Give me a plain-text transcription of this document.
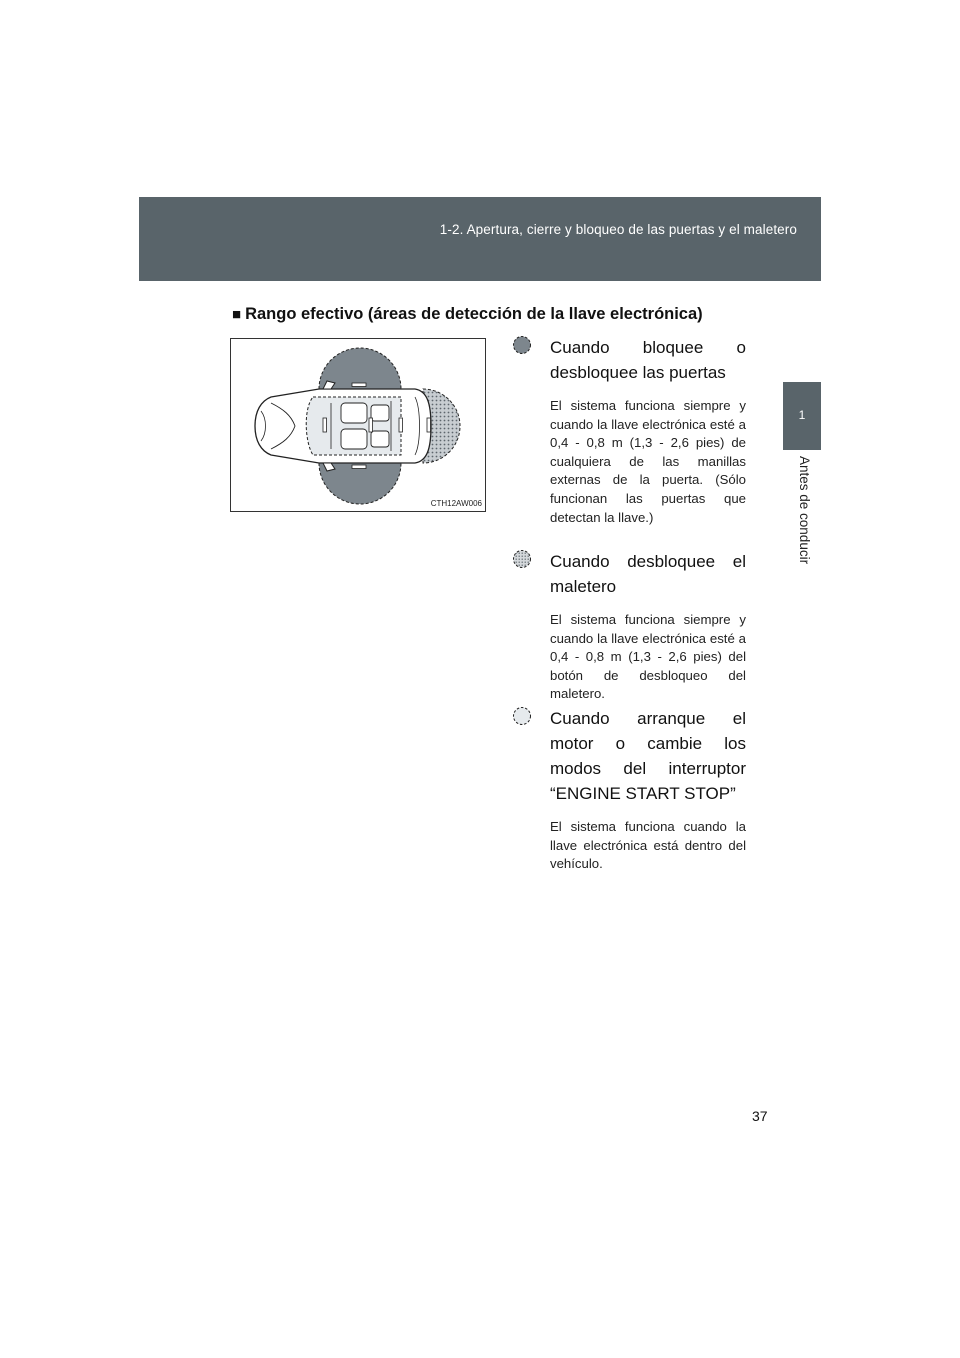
1-2. Apertura, cierre y bloqueo de las puertas y el maletero
1
Antes de conducir
■ Rango efectivo (áreas de detección de la llave electrónica)
CTH12AW006
Cuando bloquee o desbloquee las puertas
El sistema funciona siempre y cuando la llave electrónica esté a 0,4 - 0,8 m (1,3 - 2,6 pies) de cualquiera de las manillas externas de la puerta. (Sólo funcionan las puertas que detectan la llave.)
Cuando desbloquee el maletero
El sistema funciona siempre y cuando la llave electrónica esté a 0,4 - 0,8 m (1,3 - 2,6 pies) del botón de desbloqueo del maletero.
Cuando arranque el motor o cambie los modos del interruptor “ENGINE START STOP”
El sistema funciona cuando la llave electrónica está dentro del vehículo.
37
